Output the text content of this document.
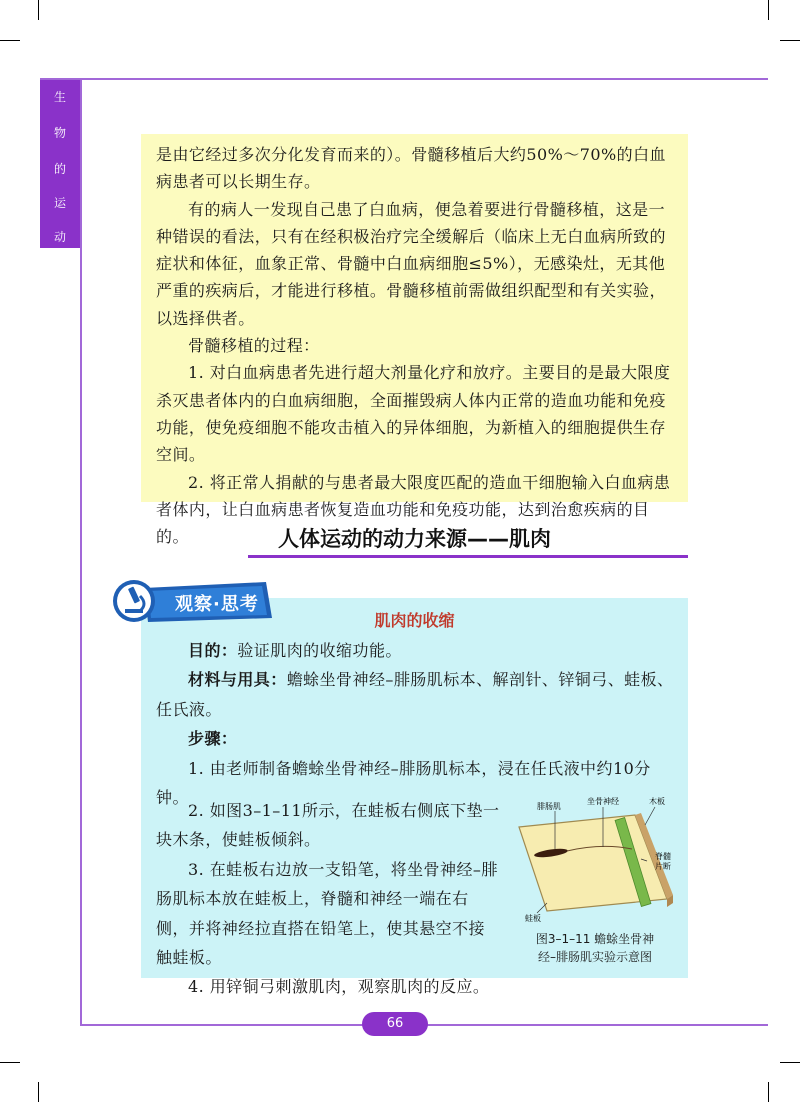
生
物
的
运
动

是由它经过多次分化发育而来的）。骨髓移植后大约50%～70%的白血病患者可以长期生存。

有的病人一发现自己患了白血病，便急着要进行骨髓移植，这是一种错误的看法，只有在经积极治疗完全缓解后（临床上无白血病所致的症状和体征，血象正常、骨髓中白血病细胞≤5%），无感染灶，无其他严重的疾病后，才能进行移植。骨髓移植前需做组织配型和有关实验，以选择供者。

骨髓移植的过程：

1. 对白血病患者先进行超大剂量化疗和放疗。主要目的是最大限度杀灭患者体内的白血病细胞，全面摧毁病人体内正常的造血功能和免疫功能，使免疫细胞不能攻击植入的异体细胞，为新植入的细胞提供生存空间。

2. 将正常人捐献的与患者最大限度匹配的造血干细胞输入白血病患者体内，让白血病患者恢复造血功能和免疫功能，达到治愈疾病的目的。	人体运动的动力来源——肌肉
观察·思考
肌肉的收缩

目的：验证肌肉的收缩功能。

材料与用具：蟾蜍坐骨神经–腓肠肌标本、解剖针、锌铜弓、蛙板、任氏液。

步骤：

1. 由老师制备蟾蜍坐骨神经–腓肠肌标本，浸在任氏液中约10分钟。

2. 如图3–1–11所示，在蛙板右侧底下垫一块木条，使蛙板倾斜。

3. 在蛙板右边放一支铅笔，将坐骨神经–腓肠肌标本放在蛙板上，脊髓和神经一端在右侧，并将神经拉直搭在铅笔上，使其悬空不接触蛙板。

4. 用锌铜弓刺激肌肉，观察肌肉的反应。

腓肠肌
坐骨神经	木板
脊髓
片断
蛙板
图3–1–11 蟾蜍坐骨神
经–腓肠肌实验示意图
66
